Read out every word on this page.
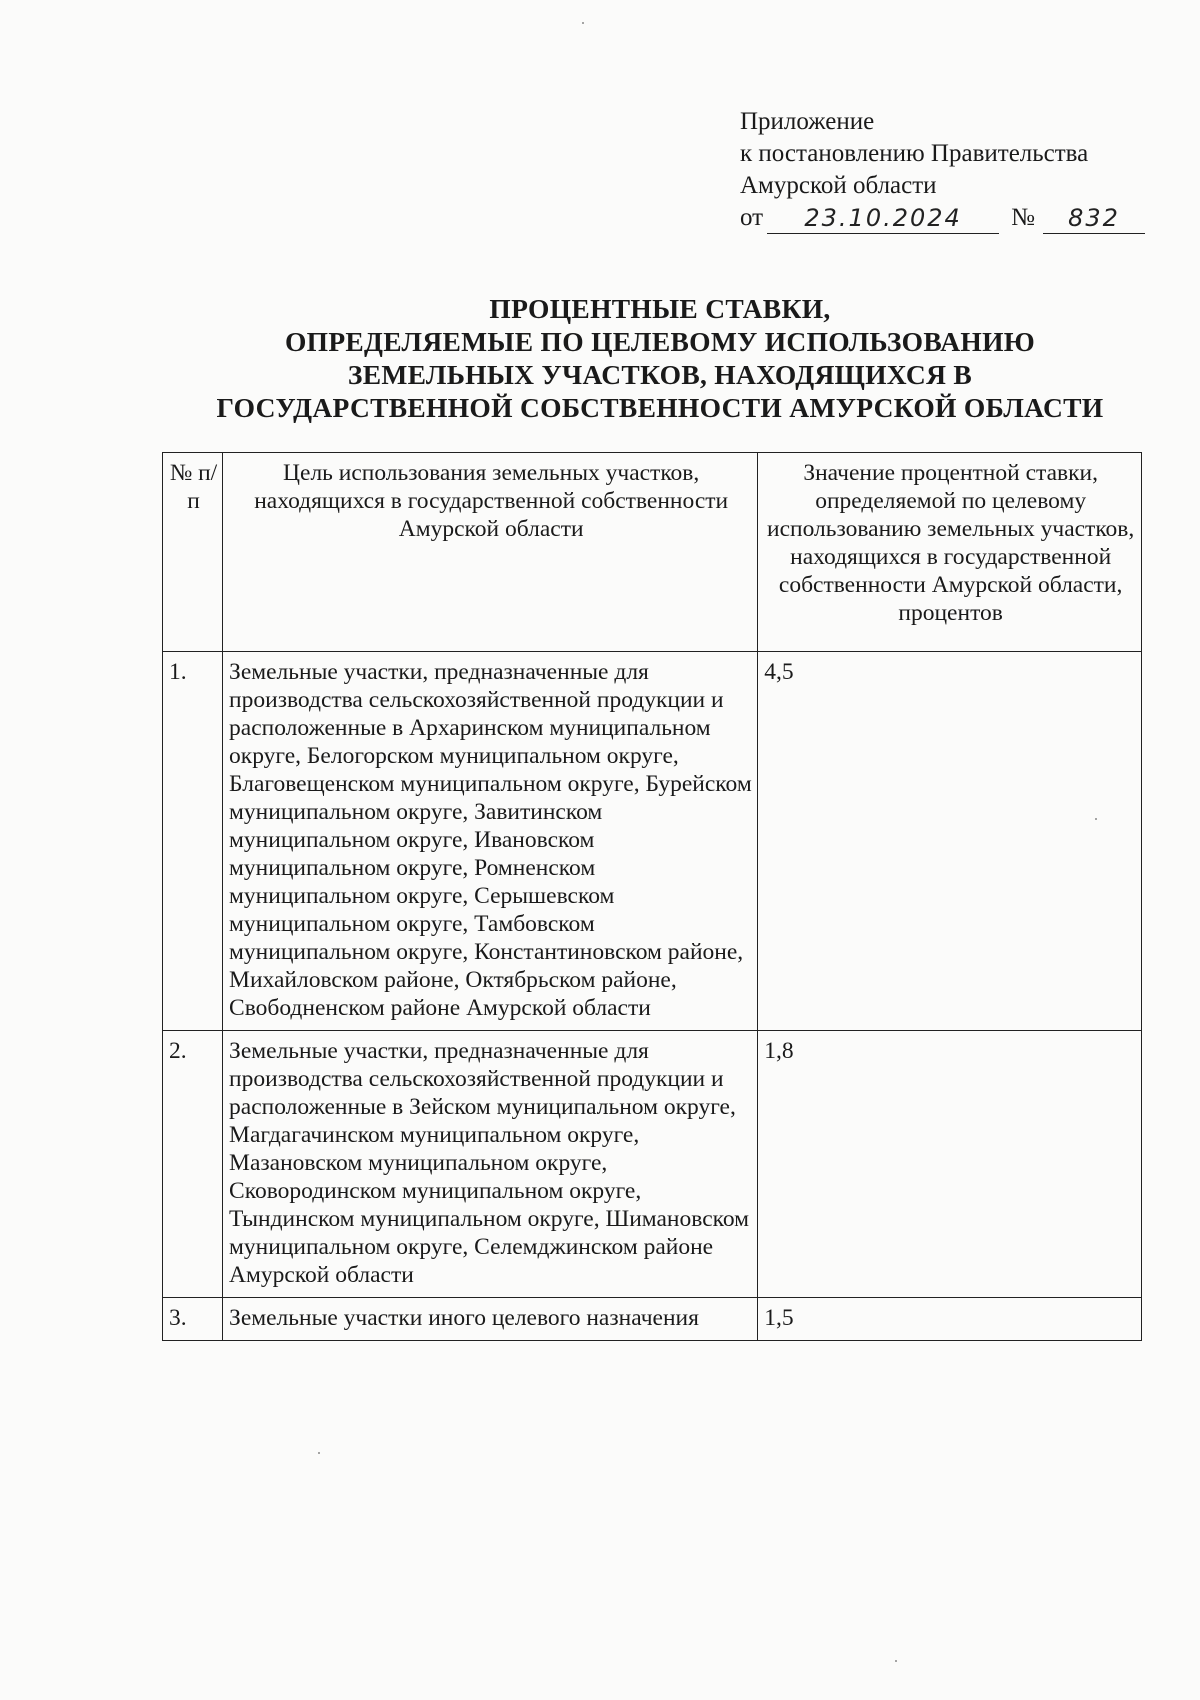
Приложение
к постановлению Правительства
Амурской области
от	23.10.2024	№	832
ПРОЦЕНТНЫЕ СТАВКИ,
ОПРЕДЕЛЯЕМЫЕ ПО ЦЕЛЕВОМУ ИСПОЛЬЗОВАНИЮ
ЗЕМЕЛЬНЫХ УЧАСТКОВ, НАХОДЯЩИХСЯ В
ГОСУДАРСТВЕННОЙ СОБСТВЕННОСТИ АМУРСКОЙ ОБЛАСТИ
№ п/п	Цель использования земельных участков, находящихся в государственной собственности Амурской области	Значение процентной ставки, определяемой по целевому использованию земельных участков, находящихся в государственной собственности Амурской области, процентов
1.	Земельные участки, предназначенные для производства сельскохозяйственной продукции и расположенные в Архаринском муниципальном округе, Белогорском муниципальном округе, Благовещенском муниципальном округе, Бурейском муниципальном округе, Завитинском муниципальном округе, Ивановском муниципальном округе, Ромненском муниципальном округе, Серышевском муниципальном округе, Тамбовском муниципальном округе, Константиновском районе, Михайловском районе, Октябрьском районе, Свободненском районе Амурской области	4,5
2.	Земельные участки, предназначенные для производства сельскохозяйственной продукции и расположенные в Зейском муниципальном округе, Магдагачинском муниципальном округе, Мазановском муниципальном округе, Сковородинском муниципальном округе, Тындинском муниципальном округе, Шимановском муниципальном округе, Селемджинском районе Амурской области	1,8
3.	Земельные участки иного целевого назначения	1,5
